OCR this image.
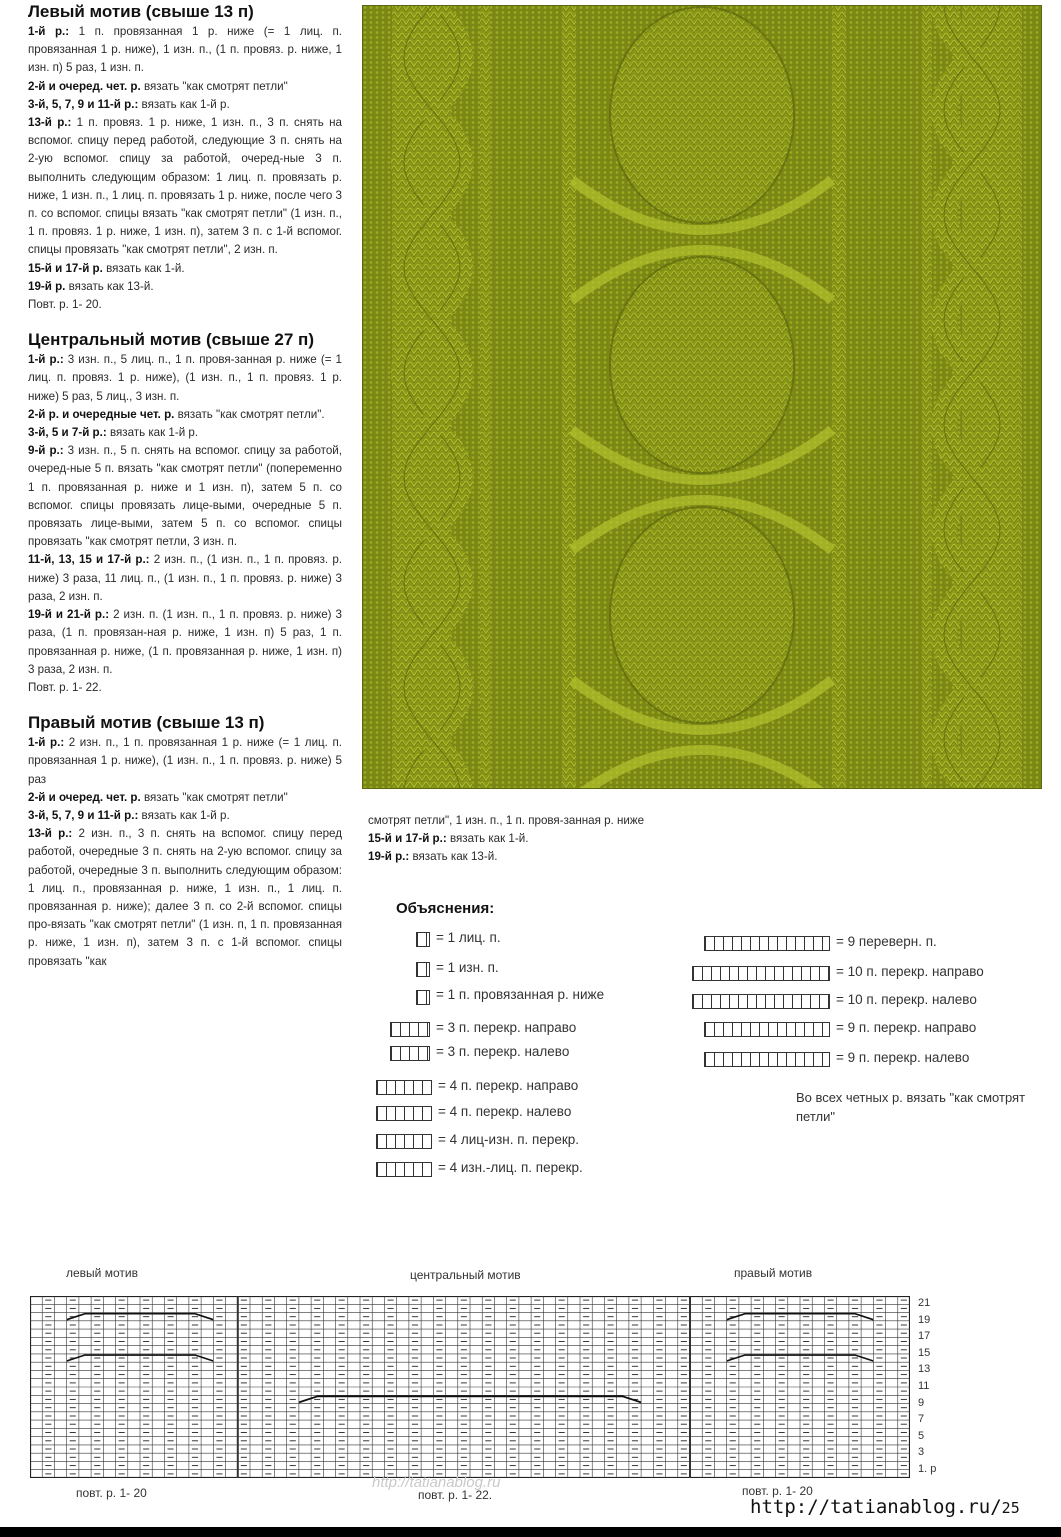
Левый мотив (свыше 13 п)

1-й р.: 1 п. провязанная 1 р. ниже (= 1 лиц. п. провязанная 1 р. ниже), 1 изн. п., (1 п. провяз. р. ниже, 1 изн. п) 5 раз, 1 изн. п.

2-й и очеред. чет. р. вязать "как смотрят петли"

3-й, 5, 7, 9 и 11-й р.: вязать как 1-й р.

13-й р.: 1 п. провяз. 1 р. ниже, 1 изн. п., 3 п. снять на вспомог. спицу перед работой, следующие 3 п. снять на 2-ую вспомог. спицу за работой, очеред-ные 3 п. выполнить следующим образом: 1 лиц. п. провязать р. ниже, 1 изн. п., 1 лиц. п. провязать 1 р. ниже, после чего 3 п. со вспомог. спицы вязать "как смотрят петли" (1 изн. п., 1 п. провяз. 1 р. ниже, 1 изн. п), затем 3 п. с 1-й вспомог. спицы провязать "как смотрят петли", 2 изн. п.

15-й и 17-й р. вязать как 1-й.

19-й р. вязать как 13-й.

Повт. р. 1- 20.

Центральный мотив (свыше 27 п)

1-й р.: 3 изн. п., 5 лиц. п., 1 п. провя-занная р. ниже (= 1 лиц. п. провяз. 1 р. ниже), (1 изн. п., 1 п. провяз. 1 р. ниже) 5 раз, 5 лиц., 3 изн. п.

2-й р. и очередные чет. р. вязать "как смотрят петли".

3-й, 5 и 7-й р.: вязать как 1-й р.

9-й р.: 3 изн. п., 5 п. снять на вспомог. спицу за работой, очеред-ные 5 п. вязать "как смотрят петли" (попеременно 1 п. провязанная р. ниже и 1 изн. п), затем 5 п. со вспомог. спицы провязать лице-выми, очередные 5 п. провязать лице-выми, затем 5 п. со вспомог. спицы провязать "как смотрят петли, 3 изн. п.

11-й, 13, 15 и 17-й р.: 2 изн. п., (1 изн. п., 1 п. провяз. р. ниже) 3 раза, 11 лиц. п., (1 изн. п., 1 п. провяз. р. ниже) 3 раза, 2 изн. п.

19-й и 21-й р.: 2 изн. п. (1 изн. п., 1 п. провяз. р. ниже) 3 раза, (1 п. провязан-ная р. ниже, 1 изн. п) 5 раз, 1 п. провязанная р. ниже, (1 п. провязанная р. ниже, 1 изн. п) 3 раза, 2 изн. п.

Повт. р. 1- 22.

Правый мотив (свыше 13 п)

1-й р.: 2 изн. п., 1 п. провязанная 1 р. ниже (= 1 лиц. п. провязанная 1 р. ниже), (1 изн. п., 1 п. провяз. р. ниже) 5 раз

2-й и очеред. чет. р. вязать "как смотрят петли"

3-й, 5, 7, 9 и 11-й р.: вязать как 1-й р.

13-й р.: 2 изн. п., 3 п. снять на вспомог. спицу перед работой, очередные 3 п. снять на 2-ую вспомог. спицу за работой, очередные 3 п. выполнить следующим образом: 1 лиц. п., провязанная р. ниже, 1 изн. п., 1 лиц. п. провязанная р. ниже); далее 3 п. со 2-й вспомог. спицы про-вязать "как смотрят петли" (1 изн. п, 1 п. провязанная р. ниже, 1 изн. п), затем 3 п. с 1-й вспомог. спицы провязать "как

смотрят петли", 1 изн. п., 1 п. провя-занная р. ниже

15-й и 17-й р.: вязать как 1-й.

19-й р.: вязать как 13-й.

Объяснения:
= 1 лиц. п.
= 1 изн. п.
= 1 п. провязанная р. ниже
= 3 п. перекр. направо
= 3 п. перекр. налево
= 4 п. перекр. направо
= 4 п. перекр. налево
= 4 лиц-изн. п. перекр.
= 4 изн.-лиц. п. перекр.
= 9 переверн. п.
= 10 п. перекр. направо
= 10 п. перекр. налево
= 9 п. перекр. направо
= 9 п. перекр. налево
Во всех четных р. вязать "как смотрят петли"
левый мотив	центральный мотив	правый мотив
21
19
17
15
13
11
9
7
5
3
1. р
повт. р. 1- 20	повт. р. 1- 22.	повт. р. 1- 20
http://tatianablog.ru
http://tatianablog.ru/25
